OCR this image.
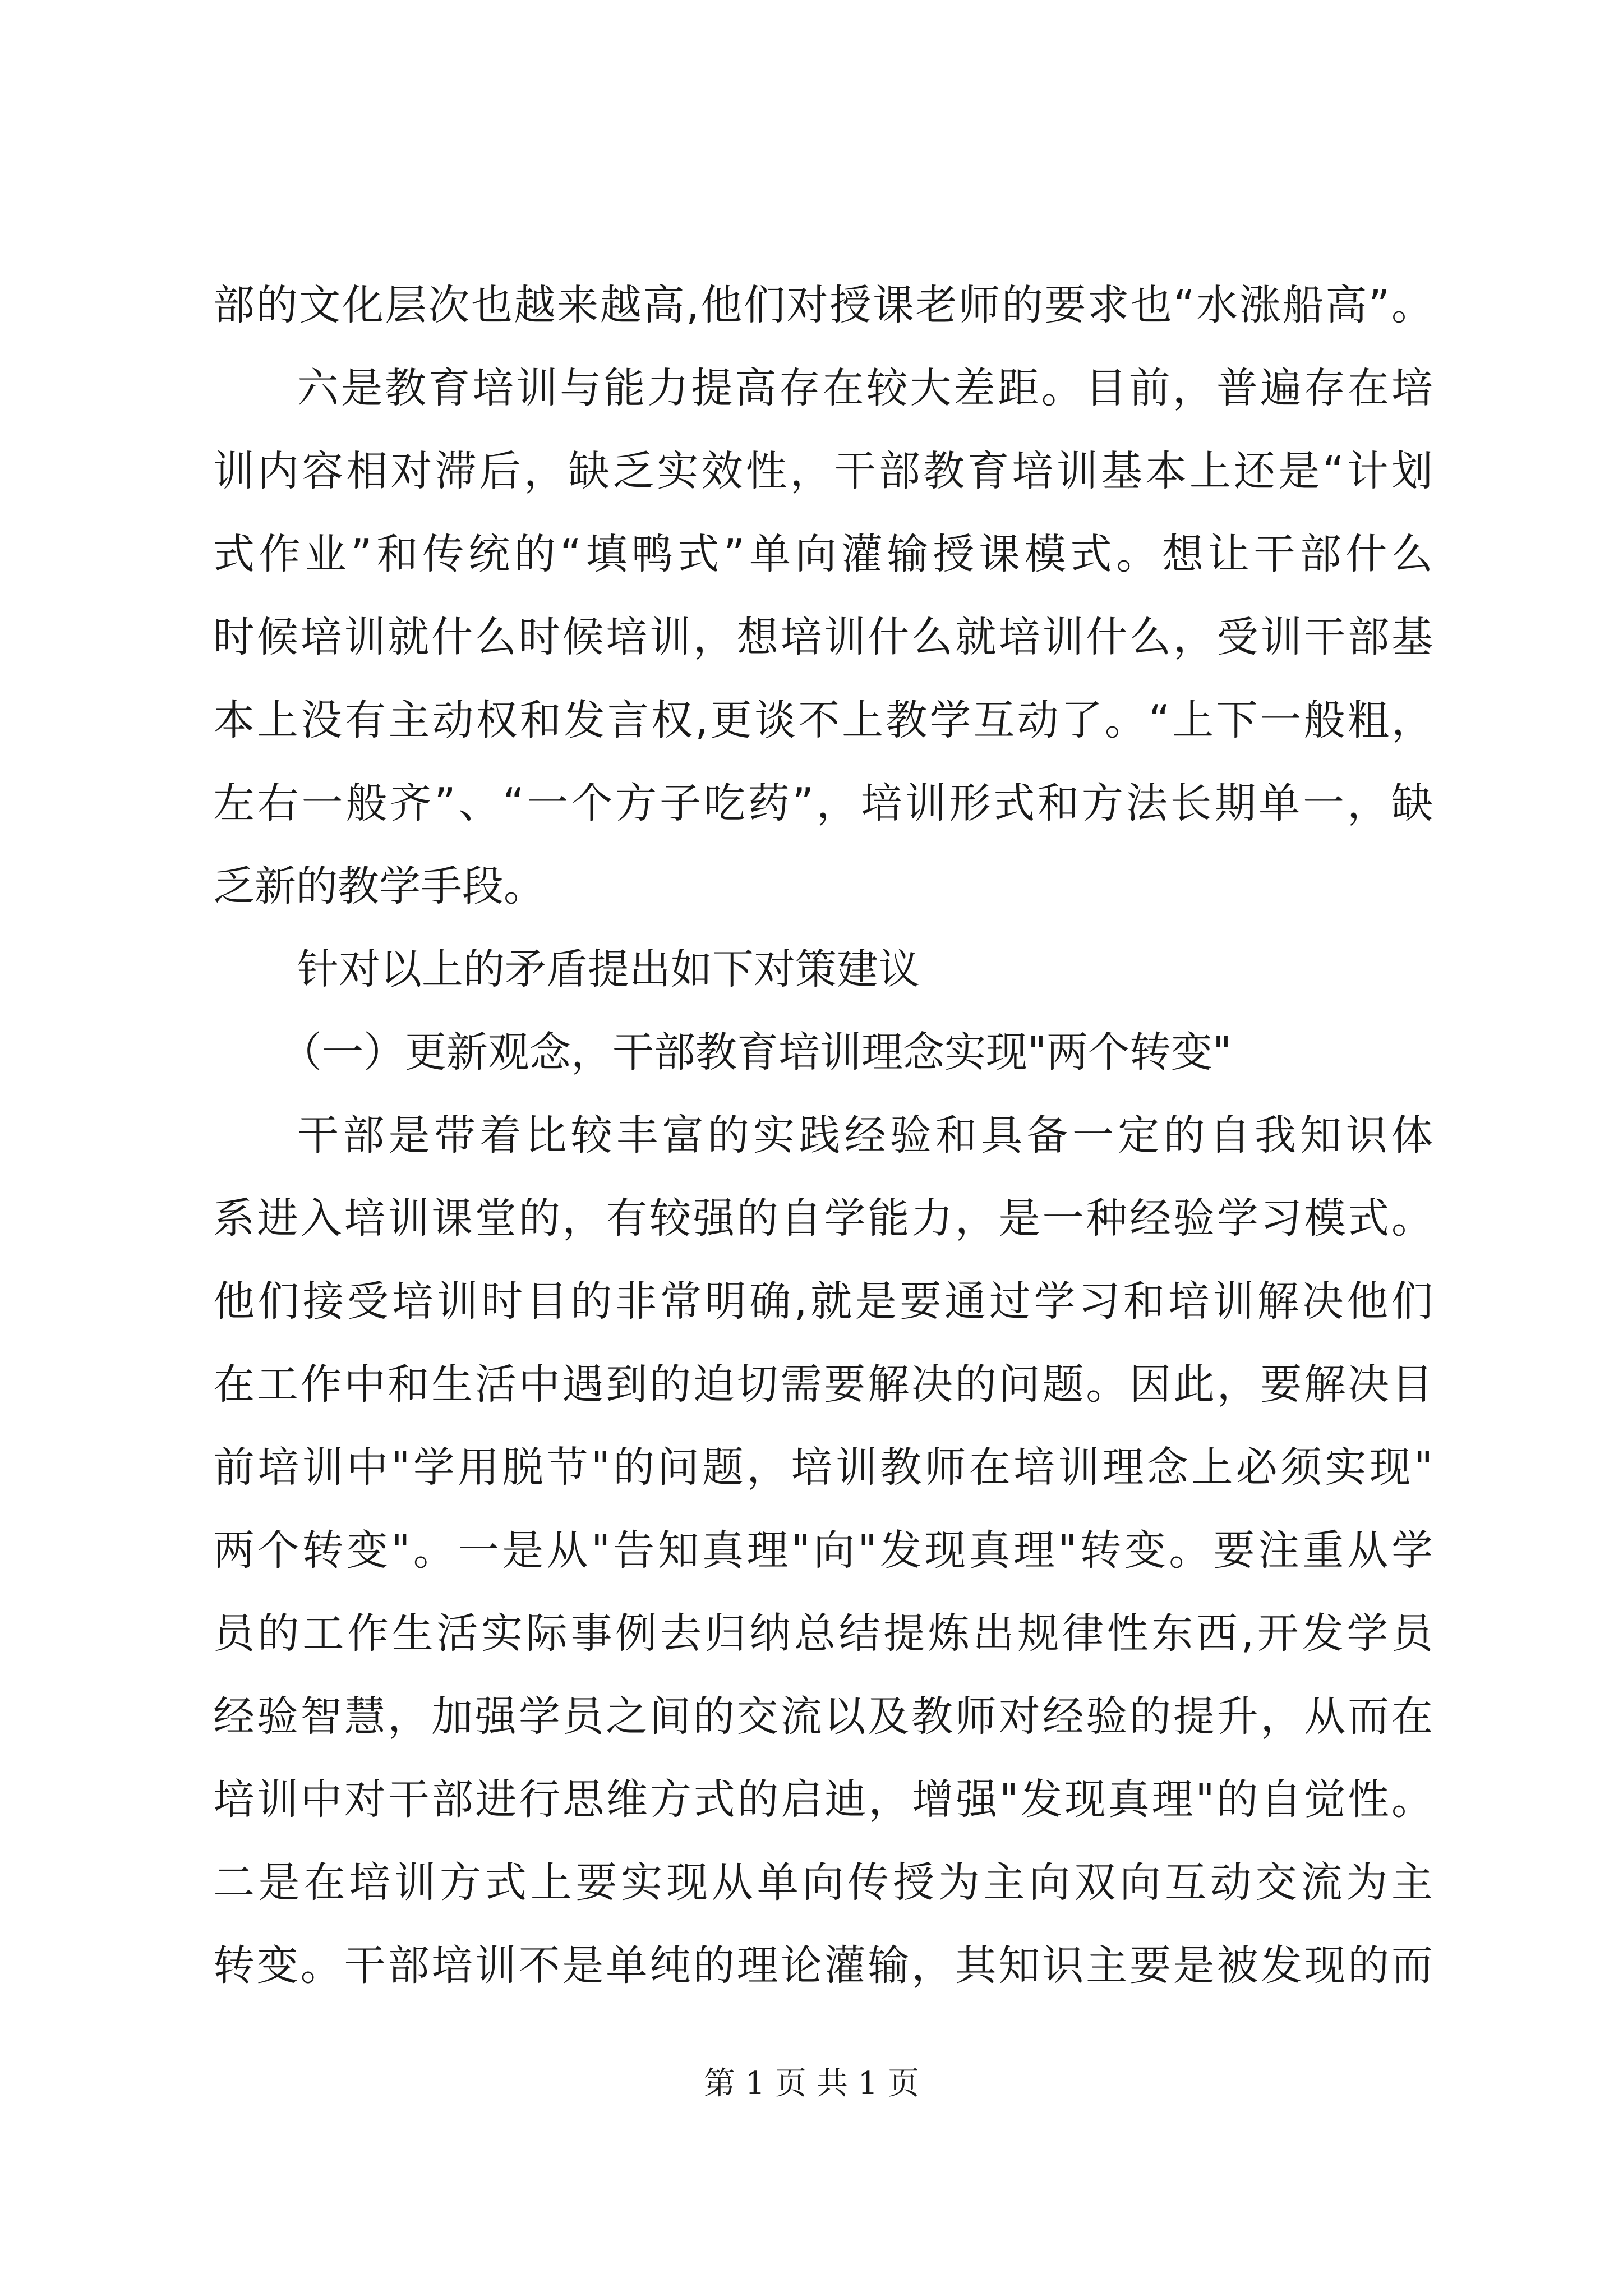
部的文化层次也越来越高,他们对授课老师的要求也“水涨船高”。
六是教育培训与能力提高存在较大差距。目前，普遍存在培
训内容相对滞后，缺乏实效性，干部教育培训基本上还是“计划
式作业”和传统的“填鸭式”单向灌输授课模式。想让干部什么
时候培训就什么时候培训，想培训什么就培训什么，受训干部基
本上没有主动权和发言权,更谈不上教学互动了。“上下一般粗，
左右一般齐”、“一个方子吃药”，培训形式和方法长期单一，缺
乏新的教学手段。
针对以上的矛盾提出如下对策建议
（一）更新观念，干部教育培训理念实现"两个转变"
干部是带着比较丰富的实践经验和具备一定的自我知识体
系进入培训课堂的，有较强的自学能力，是一种经验学习模式。
他们接受培训时目的非常明确,就是要通过学习和培训解决他们
在工作中和生活中遇到的迫切需要解决的问题。因此，要解决目
前培训中"学用脱节"的问题，培训教师在培训理念上必须实现"
两个转变"。一是从"告知真理"向"发现真理"转变。要注重从学
员的工作生活实际事例去归纳总结提炼出规律性东西,开发学员
经验智慧，加强学员之间的交流以及教师对经验的提升，从而在
培训中对干部进行思维方式的启迪，增强"发现真理"的自觉性。
二是在培训方式上要实现从单向传授为主向双向互动交流为主
转变。干部培训不是单纯的理论灌输，其知识主要是被发现的而
第 1 页 共 1 页
